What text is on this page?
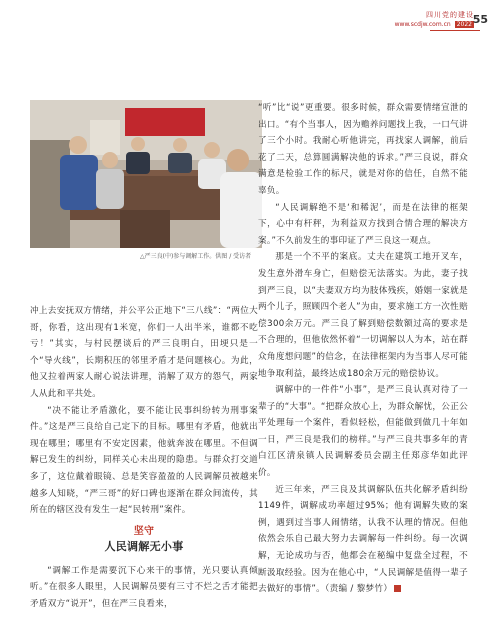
四川党的建设
www.scdjw.com.cn	2022 55
△严三良(中)参与调解工作。供图 / 受访者

“听”比“说”更重要。很多时候，群众需要情绪宣泄的出口。“有个当事人，因为赡养问题找上我，一口气讲了三个小时。我耐心听他讲完，再找家人调解，前后花了二天，总算圆满解决他的诉求。”严三良说，群众满意是检验工作的标尺，就是对你的信任，自然不能辜负。

“人民调解绝不是‘和稀泥’，而是在法律的框架下，心中有杆秤，为利益双方找到合情合理的解决方案。”不久前发生的事印证了严三良这一观点。

那是一个不平的案底。丈夫在建筑工地开叉车，发生意外滑车身亡，但赔偿无法落实。为此，妻子找到严三良，以“夫妻双方均为肢体残疾，婚姻一家就是两个儿子，照顾四个老人”为由，要求施工方一次性赔偿300余万元。严三良了解到赔偿数额过高的要求是不合理的，但他依然怀着“一切调解以人为本，站在群众角度想问题”的信念，在法律框架内为当事人尽可能地争取利益，最终达成180余万元的赔偿协议。

调解中的一件件“小事”，是严三良认真对待了一辈子的“大事”。“把群众放心上，为群众解忧，公正公平处理每一个案件，看似轻松，但能做到做几十年如一日，严三良是我们的榜样。”与严三良共事多年的青白江区清泉镇人民调解委员会副主任郑彦华如此评价。

近三年来，严三良及其调解队伍共化解矛盾纠纷1149件，调解成功率超过95%；他有调解失败的案例，遇到过当事人闹情绪，认我不认理的情况。但他依然会乐自己最大努力去调解每一件纠纷。每一次调解，无论成功与否，他都会在秘编中复盘全过程，不断汲取经验。因为在他心中，“人民调解是值得一辈子去做好的事情”。（责编 / 黎梦竹）

冲上去安抚双方情绪，并公平公正地下“三八线”：“两位大哥，你看，这出现有1米宽，你们一人出半米，谁都不吃亏！”其实，与村民摆谈后的严三良明白，田埂只是一个“导火线”，长期积压的邻里矛盾才是问题核心。为此，他又拉着两家人耐心说法讲理，消解了双方的怨气，两家人从此和平共处。

“决不能让矛盾激化，要不能让民事纠纷转为刑事案件。”这是严三良给自己定下的目标。哪里有矛盾，他就出现在哪里；哪里有不安定因素，他就奔波在哪里。不但调解已发生的纠纷，同样关心未出现的隐患。与群众打交道多了，这位戴着眼镜、总是笑容盈盈的人民调解员被越来越多人知晓，“严三哥”的好口碑也逐渐在群众间流传，其所在的辖区没有发生一起“民转刑”案件。

坚守
人民调解无小事

“调解工作是需要沉下心来干的事情，光只要认真倾听。”在很多人眼里，人民调解员要有三寸不烂之舌才能把矛盾双方“说开”，但在严三良看来，
